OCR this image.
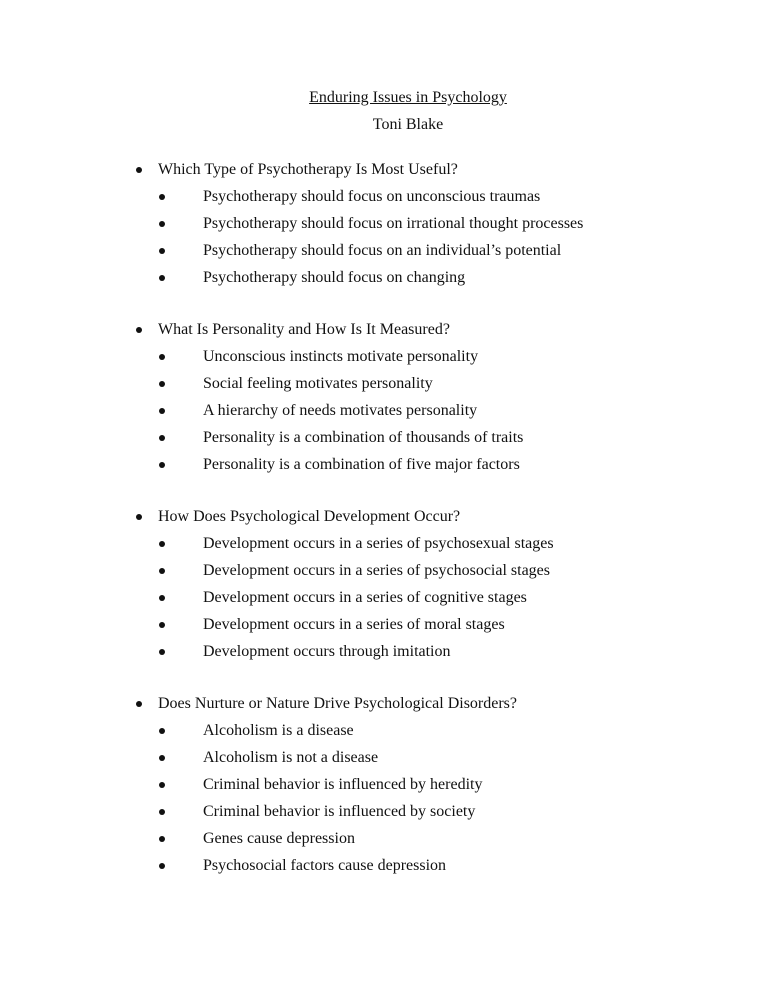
Enduring Issues in Psychology
Toni Blake
Which Type of Psychotherapy Is Most Useful?
Psychotherapy should focus on unconscious traumas
Psychotherapy should focus on irrational thought processes
Psychotherapy should focus on an individual’s potential
Psychotherapy should focus on changing
What Is Personality and How Is It Measured?
Unconscious instincts motivate personality
Social feeling motivates personality
A hierarchy of needs motivates personality
Personality is a combination of thousands of traits
Personality is a combination of five major factors
How Does Psychological Development Occur?
Development occurs in a series of psychosexual stages
Development occurs in a series of psychosocial stages
Development occurs in a series of cognitive stages
Development occurs in a series of moral stages
Development occurs through imitation
Does Nurture or Nature Drive Psychological Disorders?
Alcoholism is a disease
Alcoholism is not a disease
Criminal behavior is influenced by heredity
Criminal behavior is influenced by society
Genes cause depression
Psychosocial factors cause depression
